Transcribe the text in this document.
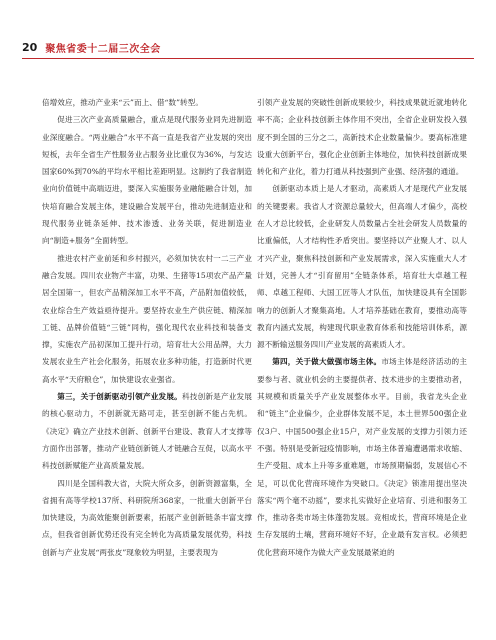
20 聚焦省委十二届三次全会

倍增效应，推动产业来“云”而上、借“数”转型。

促进三次产业高质量融合，重点是现代服务业同先进制造业深度融合。“两业融合”水平不高一直是我省产业发展的突出短板，去年全省生产性服务业占服务业比重仅为36%，与发达国家60%到70%的平均水平相比差距明显。这制约了我省制造业向价值链中高端迈进，要深入实施服务业融能融合计划，加快培育融合发展主体，建设融合发展平台，推动先进制造业和现代服务业链条延伸、技术渗透、业务关联，促进制造业向“制造+服务”全面转型。

推进农村产业前延和乡村振兴，必须加快农村一二三产业融合发展。四川农业物产丰富，功果、生猪等15项农产品产量居全国第一，但农产品精深加工水平不高，产品附加值较低，农业综合生产效益亟待提升。要坚持农业生产供应链、精深加工链、品牌价值链“三链”同构，强化现代农业科技和装备支撑，实施农产品初深加工提升行动，培育壮大公用品牌，大力发展农业生产社会化服务，拓展农业多种功能，打造新时代更高水平“天府粮仓”，加快建设农业强省。

第三，关于创新驱动引领产业发展。科技创新是产业发展的核心驱动力，不创新就无路可走，甚至创新不能占先机。《决定》确立产业技术创新、创新平台建设、教育人才支撑等方面作出部署，推动产业链创新链人才链融合互促，以高水平科技创新赋能产业高质量发展。

四川是全国科教大省，大院大所众多，创新资源富集，全省拥有高等学校137所、科研院所368家，一批重大创新平台加快建设，为高效能聚创新要素，拓展产业创新链条丰富支撑点，但我省创新优势还没有完全转化为高质量发展优势，科技创新与产业发展“两张皮”现象较为明显，主要表现为

引领产业发展的突破性创新成果较少，科技成果就近就地转化率不高；企业科技创新主体作用不突出，全省企业研发投入强度不到全国的三分之二，高新技术企业数量偏少。要高标准建设重大创新平台，强化企业创新主体地位，加快科技创新成果转化和产业化，着力打通从科技强到产业强、经济强的通道。

创新驱动本质上是人才驱动，高素质人才是现代产业发展的关键要素。我省人才资源总量较大，但高端人才偏少，高校在人才总比较低，企业研发人员数量占全社会研发人员数量的比重偏低，人才结构性矛盾突出。要坚持以产业聚人才、以人才兴产业，聚焦科技创新和产业发展需求，深入实施重大人才计划，完善人才“引育留用”全链条体系，培育壮大卓越工程师、卓越工程师、大国工匠等人才队伍，加快建设具有全国影响力的创新人才聚集高地。人才培养基础在教育，要推动高等教育内涵式发展，构建现代职业教育体系和技能培训体系，源源不断输送服务四川产业发展的高素质人才。

第四，关于做大做强市场主体。市场主体是经济活动的主要参与者、就业机会的主要提供者、技术进步的主要推动者，其规模和质量关乎产业发展整体水平。目前，我省龙头企业和“链主”企业偏少，企业群体发展不足，本土世界500强企业仅3户、中国500强企业15户，对产业发展的支撑力引领力还不强。特别是受新冠疫情影响，市场主体普遍遭遇需求收缩、生产受阻、成本上升等多重难题，市场预期偏弱，发展信心不足，可以优化营商环境作为突破口。《决定》锁准用提出坚决落实“两个毫不动摇”，要求扎实做好企业培育、引进和服务工作，推动各类市场主体蓬勃发展。竞相成长，营商环境是企业生存发展的土壤，营商环境好不好，企业最有发言权。必须把优化营商环境作为做大产业发展最紧迫的
